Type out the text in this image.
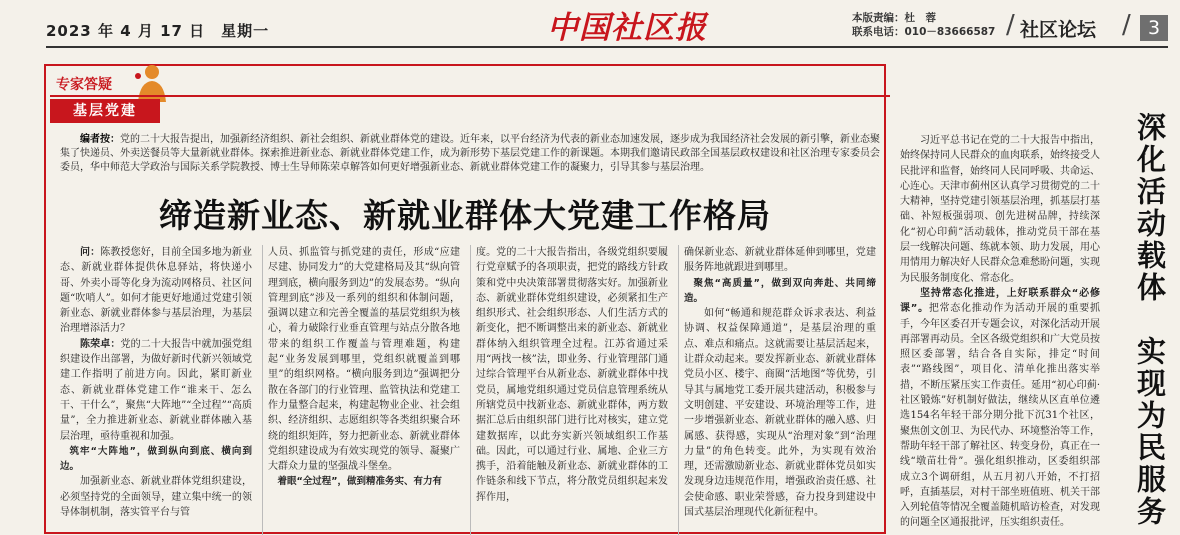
2023 年 4 月 17 日　星期一	中国社区报	本版责编：杜　蓉
联系电话：010－83666587 / 社区论坛 / 3
专家答疑
基层党建
编者按：党的二十大报告提出，加强新经济组织、新社会组织、新就业群体党的建设。近年来，以平台经济为代表的新业态加速发展，逐步成为我国经济社会发展的新引擎，新业态聚集了快递员、外卖送餐员等大量新就业群体。探索推进新业态、新就业群体党建工作，成为新形势下基层党建工作的新课题。本期我们邀请民政部全国基层政权建设和社区治理专家委员会委员，华中师范大学政治与国际关系学院教授、博士生导师陈荣卓解答如何更好增强新业态、新就业群体党建工作的凝聚力，引导其参与基层治理。
缔造新业态、新就业群体大党建工作格局

问：陈教授您好，目前全国多地为新业态、新就业群体提供休息驿站，将快递小哥、外卖小哥等化身为流动网格员、社区问题“吹哨人”。如何才能更好地通过党建引领新业态、新就业群体参与基层治理，为基层治理增添活力？

陈荣卓：党的二十大报告中就加强党组织建设作出部署，为做好新时代新兴领域党建工作指明了前进方向。因此，紧盯新业态、新就业群体党建工作“谁来干、怎么干、干什么”，聚焦“大阵地”“全过程”“高质量”，全力推进新业态、新就业群体融入基层治理，亟待重视和加强。

筑牢“大阵地”，做到纵向到底、横向到边。

加强新业态、新就业群体党组织建设，必须坚持党的全面领导，建立集中统一的领导体制机制，落实管平台与管

人员、抓监管与抓党建的责任，形成“应建尽建、协同发力”的大党建格局及其“纵向管理到底，横向服务到边”的发展态势。“纵向管理到底”涉及一系列的组织和体制问题，强调以建立和完善全覆盖的基层党组织为核心，着力破除行业垂直管理与站点分散各地带来的组织工作覆盖与管理难题，构建起“业务发展到哪里，党组织就覆盖到哪里”的组织网格。“横向服务到边”强调把分散在各部门的行业管理、监管执法和党建工作力量整合起来，构建起物业企业、社会组织、经济组织、志愿组织等各类组织聚合环绕的组织矩阵，努力把新业态、新就业群体党组织建设成为有效实现党的领导、凝聚广大群众力量的坚强战斗堡垒。

着眼“全过程”，做到精准务实、有力有

度。党的二十大报告指出，各级党组织要履行党章赋予的各项职责，把党的路线方针政策和党中央决策部署贯彻落实好。加强新业态、新就业群体党组织建设，必须紧扣生产组织形式、社会组织形态、人们生活方式的新变化，把不断调整出来的新业态、新就业群体纳入组织管理全过程。江苏省通过采用“两找一核”法，即业务、行业管理部门通过综合管理平台从新业态、新就业群体中找党员，属地党组织通过党员信息管理系统从所辖党员中找新业态、新就业群体，两方数据汇总后由组织部门进行比对核实，建立党建数据库，以此夯实新兴领域组织工作基础。因此，可以通过行业、属地、企业三方携手，沿着能触及新业态、新就业群体的工作链条和线下节点，将分散党员组织起来发挥作用，

确保新业态、新就业群体延伸到哪里，党建服务阵地就跟进到哪里。

聚焦“高质量”，做到双向奔赴、共同缔造。

如何“畅通和规范群众诉求表达、利益协调、权益保障通道”，是基层治理的重点、难点和痛点。这就需要让基层活起来，让群众动起来。要发挥新业态、新就业群体党员小区、楼宇、商圈“活地图”等优势，引导其与属地党工委开展共建活动，积极参与文明创建、平安建设、环境治理等工作，进一步增强新业态、新就业群体的融入感、归属感、获得感，实现从“治理对象”到“治理力量”的角色转变。此外，为实现有效治理，还需激励新业态、新就业群体党员如实发现身边违规范作用，增强政治责任感、社会使命感、职业荣誉感，奋力投身到建设中国式基层治理现代化新征程中。

习近平总书记在党的二十大报告中指出，始终保持同人民群众的血肉联系，始终接受人民批评和监督，始终同人民同呼吸、共命运、心连心。天津市蓟州区认真学习贯彻党的二十大精神，坚持党建引领基层治理，抓基层打基础、补短板强弱项、创先进树品牌，持续深化“初心印蓟”活动载体，推动党员干部在基层一线解决问题、练就本领、助力发展，用心用情用力解决好人民群众急难愁盼问题，实现为民服务制度化、常态化。

坚持常态化推进，上好联系群众“必修课”。把常态化推动作为活动开展的重要抓手，今年区委召开专题会议，对深化活动开展再部署再动员。全区各级党组织和广大党员按照区委部署，结合各自实际，排定“时间表”“路线图”，项目化、清单化推出落实举措，不断压紧压实工作责任。延用“初心印蓟·社区锻炼”好机制好做法，继续从区直单位遴选154名年轻干部分期分批下沉31个社区，聚焦创文创卫、为民代办、环境整治等工作，帮助年轻干部了解社区、转变身份，真正在一线“墩苗壮骨”。强化组织推动，区委组织部成立3个调研组，从五月初八开始，不打招呼，直插基层，对村干部坐班值班、机关干部入列轮值等情况全覆盖随机暗访检查，对发现的问题全区通报批评，压实组织责任。	深化活动载体　实现为民服务
